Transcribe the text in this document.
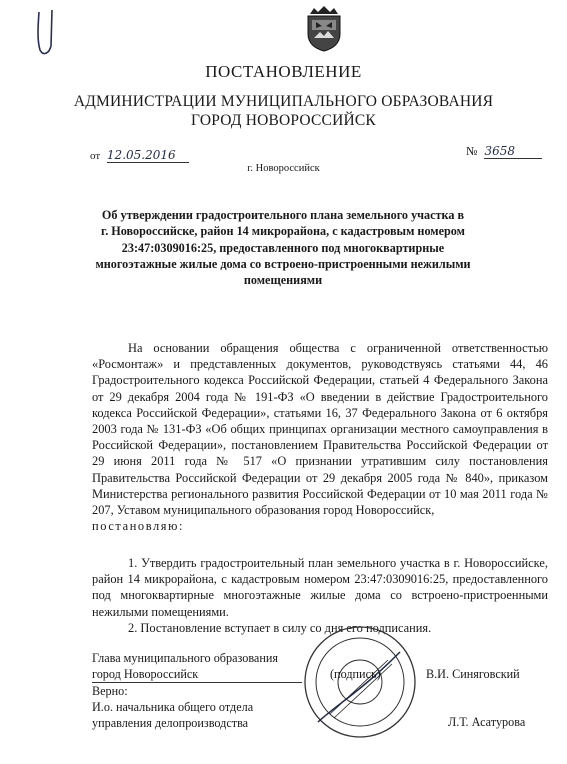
ПОСТАНОВЛЕНИЕ
АДМИНИСТРАЦИИ МУНИЦИПАЛЬНОГО ОБРАЗОВАНИЯ
ГОРОД НОВОРОССИЙСК
от 12.05.2016	№ 3658
г. Новороссийск
Об утверждении градостроительного плана земельного участка в
г. Новороссийске, район 14 микрорайона, с кадастровым номером
23:47:0309016:25, предоставленного под многоквартирные
многоэтажные жилые дома со встроено-пристроенными нежилыми
помещениями

На основании обращения общества с ограниченной ответственностью «Росмонтаж» и представленных документов, руководствуясь статьями 44, 46 Градостроительного кодекса Российской Федерации, статьей 4 Федерального Закона от 29 декабря 2004 года № 191-ФЗ «О введении в действие Градостроительного кодекса Российской Федерации», статьями 16, 37 Федерального Закона от 6 октября 2003 года № 131-ФЗ «Об общих принципах организации местного самоуправления в Российской Федерации», постановлением Правительства Российской Федерации от 29 июня 2011 года № 517 «О признании утратившим силу постановления Правительства Российской Федерации от 29 декабря 2005 года № 840», приказом Министерства регионального развития Российской Федерации от 10 мая 2011 года № 207, Уставом муниципального образования город Новороссийск,

постановляю:

1. Утвердить градостроительный план земельного участка в г. Новороссийске, район 14 микрорайона, с кадастровым номером 23:47:0309016:25, предоставленного под многоквартирные многоэтажные жилые дома со встроено-пристроенными нежилыми помещениями.

2. Постановление вступает в силу со дня его подписания.

Глава муниципального образования
город Новороссийск	(подпись)	В.И. Синяговский
Верно:
И.о. начальника общего отдела
управления делопроизводства	Л.Т. Асатурова
